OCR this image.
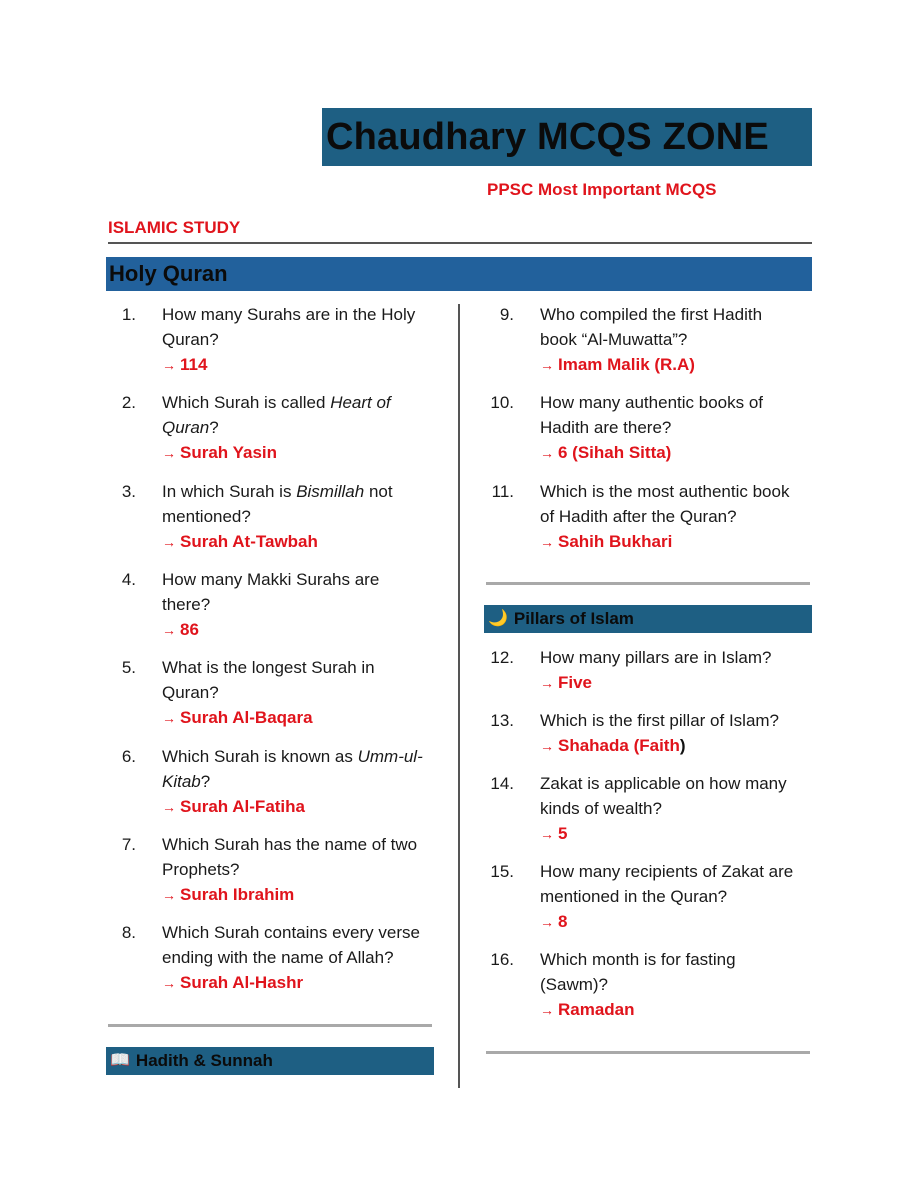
Chaudhary MCQS ZONE
PPSC Most Important MCQS
ISLAMIC STUDY
Holy Quran
1. How many Surahs are in the Holy
Quran?
→ 114
2. Which Surah is called Heart of
Quran?
→ Surah Yasin
3. In which Surah is Bismillah not
mentioned?
→ Surah At-Tawbah
4. How many Makki Surahs are
there?
→ 86
5. What is the longest Surah in
Quran?
→ Surah Al-Baqara
6. Which Surah is known as Umm-ul-
Kitab?
→ Surah Al-Fatiha
7. Which Surah has the name of two
Prophets?
→ Surah Ibrahim
8. Which Surah contains every verse
ending with the name of Allah?
→ Surah Al-Hashr
📖 Hadith & Sunnah
9. Who compiled the first Hadith
book “Al-Muwatta”?
→ Imam Malik (R.A)
10. How many authentic books of
Hadith are there?
→ 6 (Sihah Sitta)
11. Which is the most authentic book
of Hadith after the Quran?
→ Sahih Bukhari
🌙 Pillars of Islam
12. How many pillars are in Islam?
→ Five
13. Which is the first pillar of Islam?
→ Shahada (Faith)
14. Zakat is applicable on how many
kinds of wealth?
→ 5
15. How many recipients of Zakat are
mentioned in the Quran?
→ 8
16. Which month is for fasting
(Sawm)?
→ Ramadan
